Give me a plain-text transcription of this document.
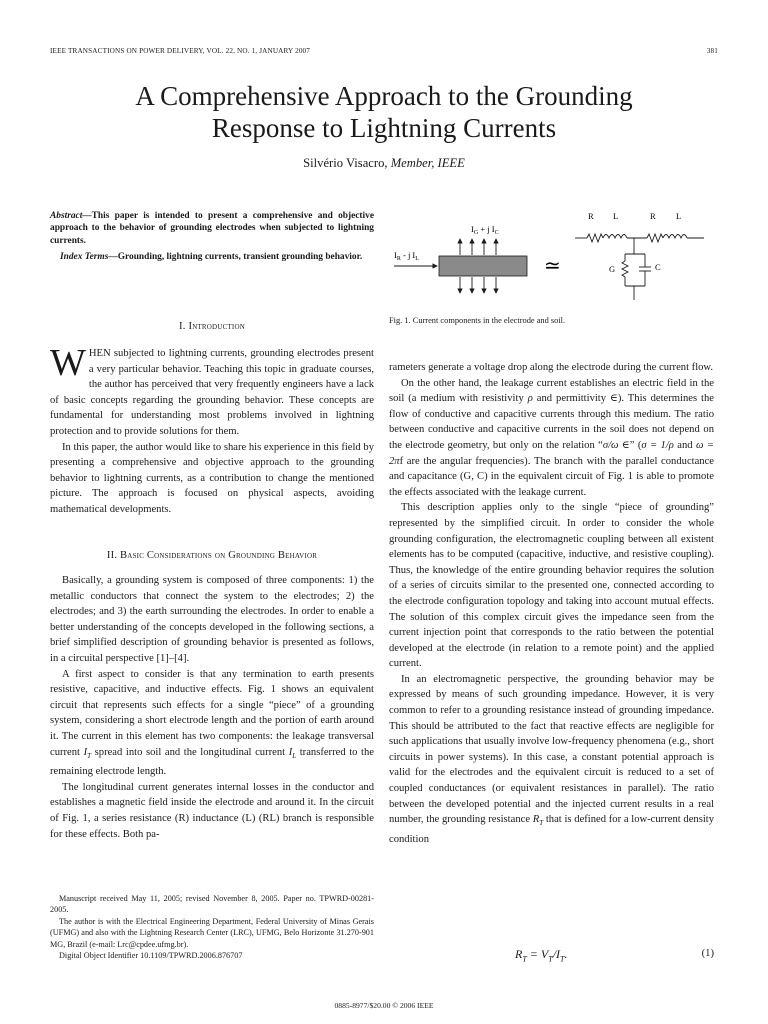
IEEE TRANSACTIONS ON POWER DELIVERY, VOL. 22, NO. 1, JANUARY 2007	381
A Comprehensive Approach to the Grounding
Response to Lightning Currents
Silvério Visacro, Member, IEEE

Abstract—This paper is intended to present a comprehensive and objective approach to the behavior of grounding electrodes when subjected to lightning currents.

Index Terms—Grounding, lightning currents, transient grounding behavior.

I. Introduction

WHEN subjected to lightning currents, grounding electrodes present a very particular behavior. Teaching this topic in graduate courses, the author has perceived that very frequently engineers have a lack of basic concepts regarding the grounding behavior. These concepts are fundamental for understanding most problems involved in lightning protection and to provide solutions for them.

In this paper, the author would like to share his experience in this field by presenting a comprehensive and objective approach to the grounding behavior to lightning currents, as a contribution to change the mentioned picture. The approach is focused on physical aspects, avoiding mathematical developments.

II. Basic Considerations on Grounding Behavior

Basically, a grounding system is composed of three components: 1) the metallic conductors that connect the system to the electrodes; 2) the electrodes; and 3) the earth surrounding the electrodes. In order to enable a better understanding of the concepts developed in the following sections, a brief simplified description of grounding behavior is presented as follows, in a circuital perspective [1]–[4].

A first aspect to consider is that any termination to earth presents resistive, capacitive, and inductive effects. Fig. 1 shows an equivalent circuit that represents such effects for a single “piece” of a grounding system, considering a short electrode length and the portion of earth around it. The current in this element has two components: the leakage transversal current $I_T$ spread into soil and the longitudinal current $I_L$ transferred to the remaining electrode length.

The longitudinal current generates internal losses in the conductor and establishes a magnetic field inside the electrode and around it. In the circuit of Fig. 1, a series resistance (R) inductance (L) (RL) branch is responsible for these effects. Both pa-

Manuscript received May 11, 2005; revised November 8, 2005. Paper no. TPWRD-00281-2005.

The author is with the Electrical Engineering Department, Federal University of Minas Gerais (UFMG) and also with the Lightning Research Center (LRC), UFMG, Belo Horizonte 31.270-901 MG, Brazil (e-mail: Lrc@cpdee.ufmg.br).

Digital Object Identifier 10.1109/TPWRD.2006.876707

$I_G + j$ $I_C$
$I_R$ - j $I_L$	≃
R L	R L
G	C
Fig. 1. Current components in the electrode and soil.

rameters generate a voltage drop along the electrode during the current flow.

On the other hand, the leakage current establishes an electric field in the soil (a medium with resistivity ρ and permittivity ∈). This determines the flow of conductive and capacitive currents through this medium. The ratio between conductive and capacitive currents in the soil does not depend on the electrode geometry, but only on the relation “σ/ω ∈” (σ = 1/ρ and ω = 2πf are the angular frequencies). The branch with the parallel conductance and capacitance (G, C) in the equivalent circuit of Fig. 1 is able to promote the effects associated with the leakage current.

This description applies only to the single “piece of grounding” represented by the simplified circuit. In order to consider the whole grounding configuration, the electromagnetic coupling between all existent elements has to be computed (capacitive, inductive, and resistive coupling). Thus, the knowledge of the entire grounding behavior requires the solution of a series of circuits similar to the presented one, connected according to the electrode configuration topology and taking into account mutual effects. The solution of this complex circuit gives the impedance seen from the current injection point that corresponds to the ratio between the potential developed at the electrode (in relation to a remote point) and the applied current.

In an electromagnetic perspective, the grounding behavior may be expressed by means of such grounding impedance. However, it is very common to refer to a grounding resistance instead of grounding impedance. This should be attributed to the fact that reactive effects are negligible for such applications that usually involve low-frequency phenomena (e.g., short circuits in power systems). In this case, a constant potential approach is valid for the electrodes and the equivalent circuit is reduced to a set of coupled conductances (or equivalent resistances in parallel). The ratio between the developed potential and the injected current results in a real number, the grounding resistance $R_T$ that is defined for a low-current density condition

$R_T = V_T/I_T$.	(1)
0885-8977/$20.00 © 2006 IEEE
